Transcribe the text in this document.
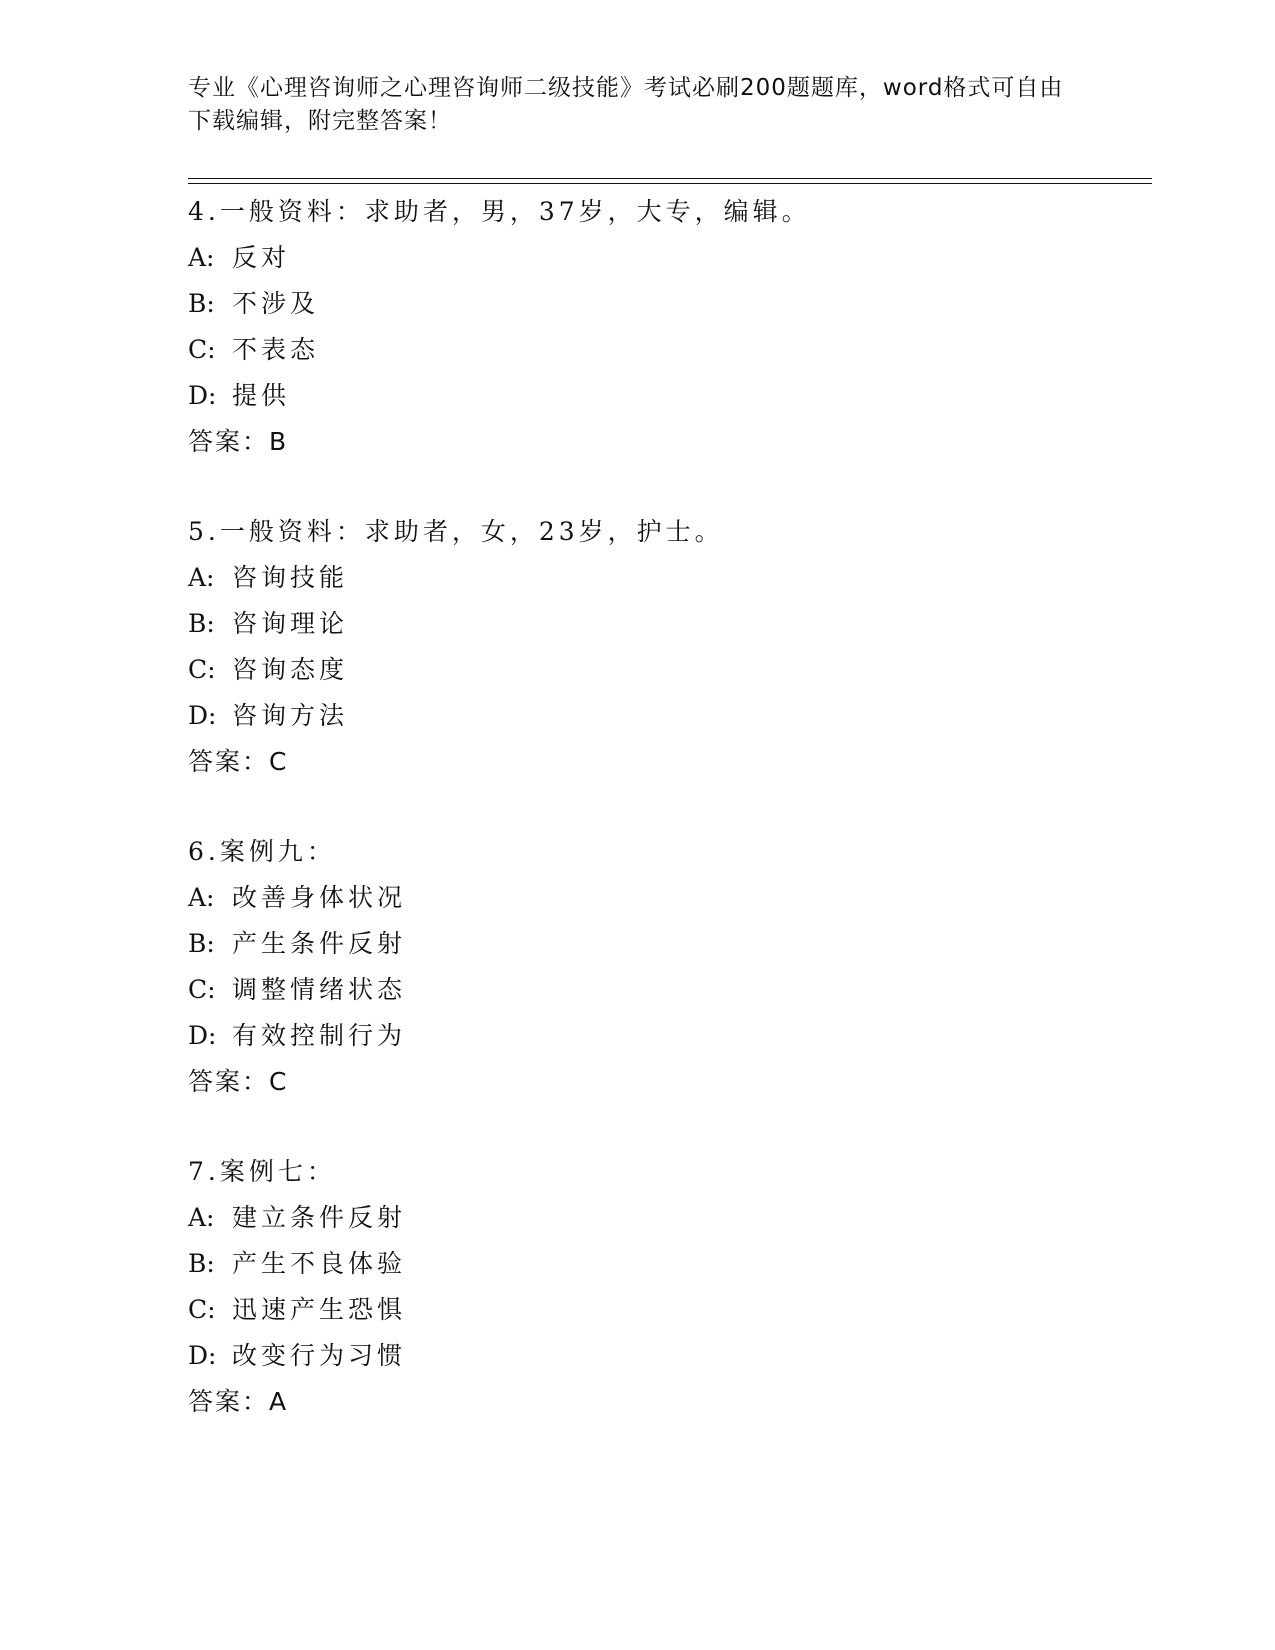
专业《心理咨询师之心理咨询师二级技能》考试必刷200题题库，word格式可自由下载编辑，附完整答案！
4.一般资料：求助者，男，37岁，大专，编辑。
A: 反对
B: 不涉及
C: 不表态
D: 提供
答案：B
5.一般资料：求助者，女，23岁，护士。
A: 咨询技能
B: 咨询理论
C: 咨询态度
D: 咨询方法
答案：C
6.案例九：
A: 改善身体状况
B: 产生条件反射
C: 调整情绪状态
D: 有效控制行为
答案：C
7.案例七：
A: 建立条件反射
B: 产生不良体验
C: 迅速产生恐惧
D: 改变行为习惯
答案：A
